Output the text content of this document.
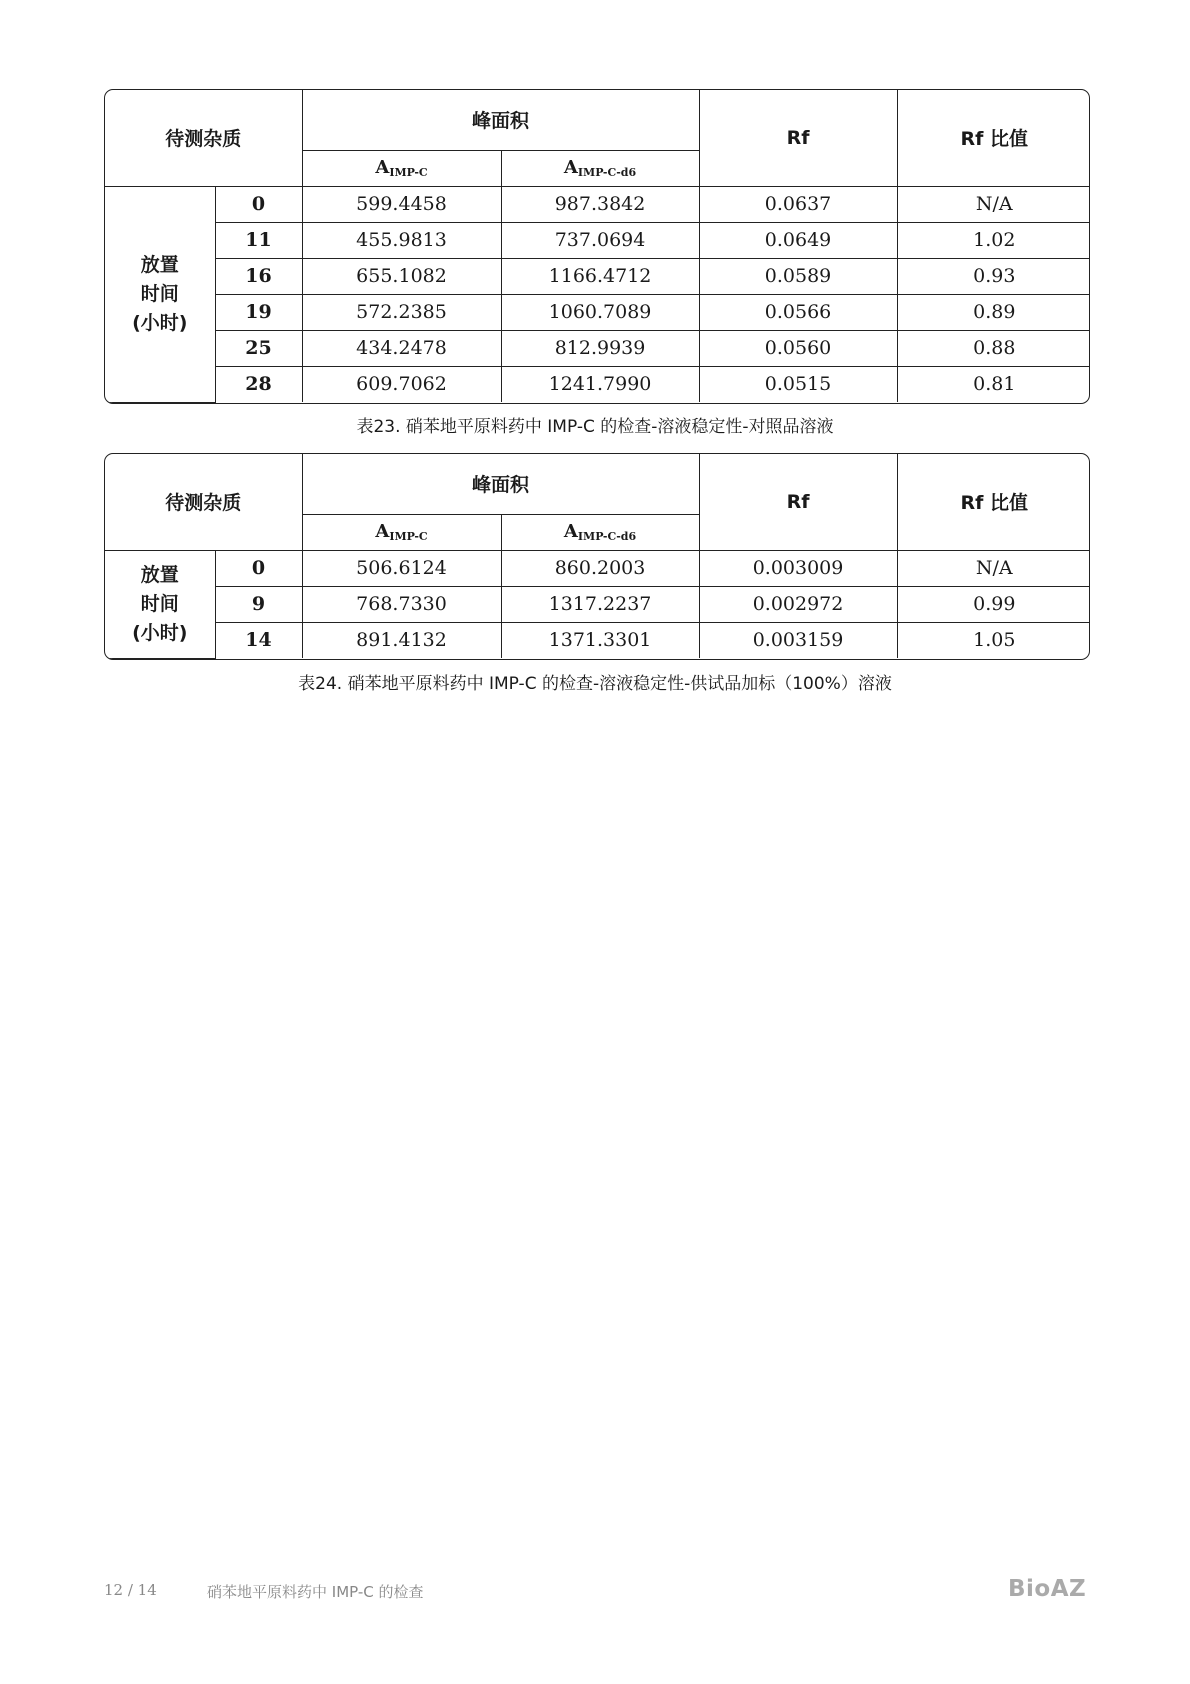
待测杂质		峰面积		Rf	Rf 比值
		$A_{IMP-C}$	$A_{IMP-C-d6}$

放置
时间
(小时)	0	599.4458	987.3842	0.0637	N/A
	11	455.9813	737.0694	0.0649	1.02
	16	655.1082	1166.4712	0.0589	0.93
	19	572.2385	1060.7089	0.0566	0.89
	25	434.2478	812.9939	0.0560	0.88
	28	609.7062	1241.7990	0.0515	0.81
表23. 硝苯地平原料药中 IMP-C 的检查-溶液稳定性-对照品溶液
待测杂质		峰面积		Rf	Rf 比值
		$A_{IMP-C}$	$A_{IMP-C-d6}$

放置
时间
(小时)	0	506.6124	860.2003	0.003009	N/A
	9	768.7330	1317.2237	0.002972	0.99
	14	891.4132	1371.3301	0.003159	1.05
表24. 硝苯地平原料药中 IMP-C 的检查-溶液稳定性-供试品加标（100%）溶液
12 / 14	硝苯地平原料药中 IMP-C 的检查	BioAZ
